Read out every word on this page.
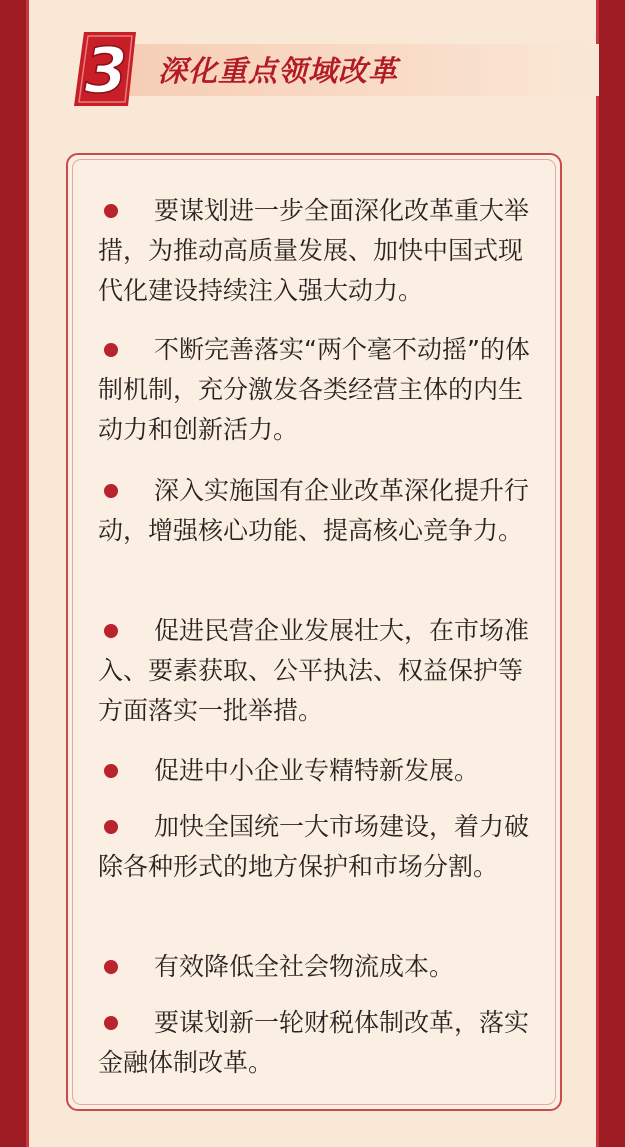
3 深化重点领域改革
要谋划进一步全面深化改革重大举措，为推动高质量发展、加快中国式现代化建设持续注入强大动力。
不断完善落实“两个毫不动摇”的体制机制，充分激发各类经营主体的内生动力和创新活力。
深入实施国有企业改革深化提升行动，增强核心功能、提高核心竞争力。
促进民营企业发展壮大，在市场准入、要素获取、公平执法、权益保护等方面落实一批举措。
促进中小企业专精特新发展。
加快全国统一大市场建设，着力破除各种形式的地方保护和市场分割。
有效降低全社会物流成本。
要谋划新一轮财税体制改革，落实金融体制改革。
